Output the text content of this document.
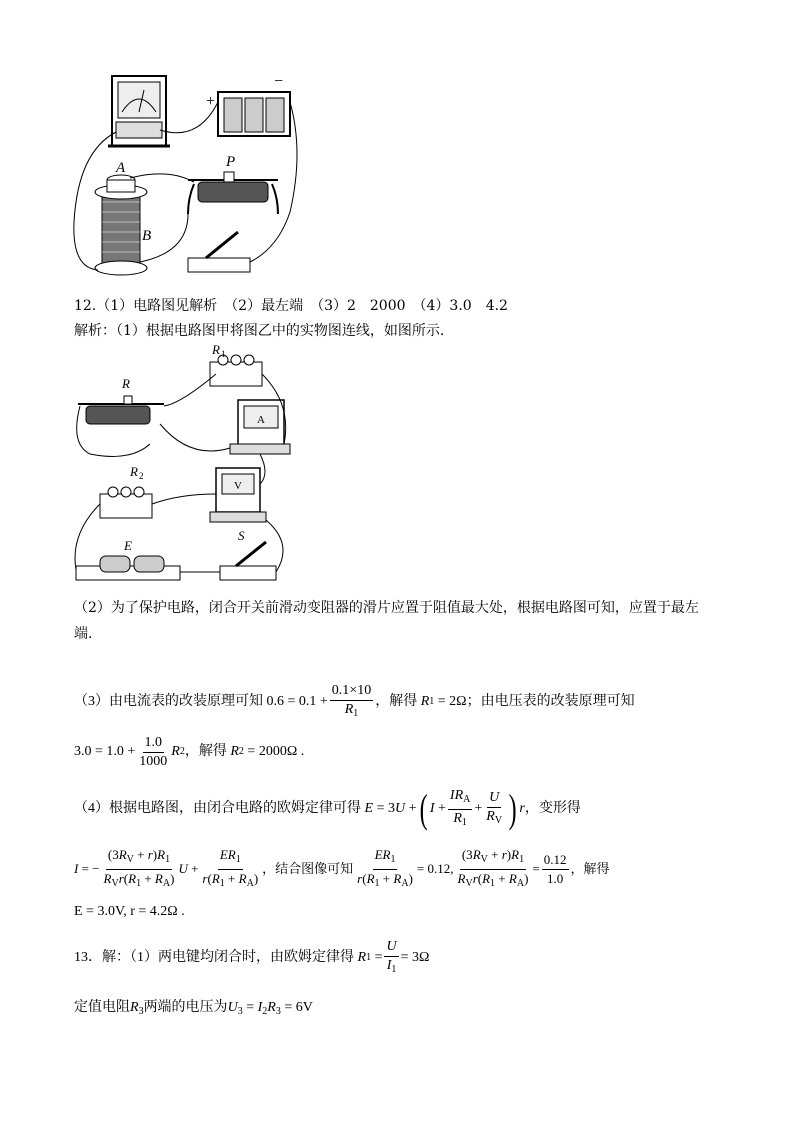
+
−
A
B
P
12.（1）电路图见解析　（2）最左端　（3）2　2000　（4）3.0　4.2
解析：（1）根据电路图甲将图乙中的实物图连线，如图所示.
R 1
A
R
R 2
V
E
S
（2）为了保护电路，闭合开关前滑动变阻器的滑片应置于阻值最大处，根据电路图可知，应置于最左
端.
（3）由电流表的改装原理可知 $0.6 = 0.1 + \frac{0.1\times 10}{R_1}$ ，解得
R 1
= 2Ω ；由电压表的改装原理可知
$3.0 = 1.0 + \frac{1.0}{1000}$ R 2 ，解得
R 2
= 2000Ω .
（4）根据电路图，由闭合电路的欧姆定律可得
E = 3 U + ( $I + \frac{IR_A}{R_1} + \frac{U}{R_V}$ ) r ，变形得
I = − $\frac{(3R_V + r)R_1}{R_Vr(R_1 + R_A)}$ $U + \frac{ER_1}{r(R_1 + R_A)}$ ，结合图像可知 $\frac{ER_1}{r(R_1 + R_A)} = 0.12$, $\frac{(3R_V + r)R_1}{R_Vr(R_1 + R_A)} = \frac{0.12}{1.0}$ ，解得
E = 3.0V, r = 4.2Ω .
13．解：（1）两电键均闭合时，由欧姆定律得
R $1 = \frac{U}{I_1} = 3\Omega$
定值电阻$R_3$两端的电压为$U_3 = I_2R_3 = 6V$
